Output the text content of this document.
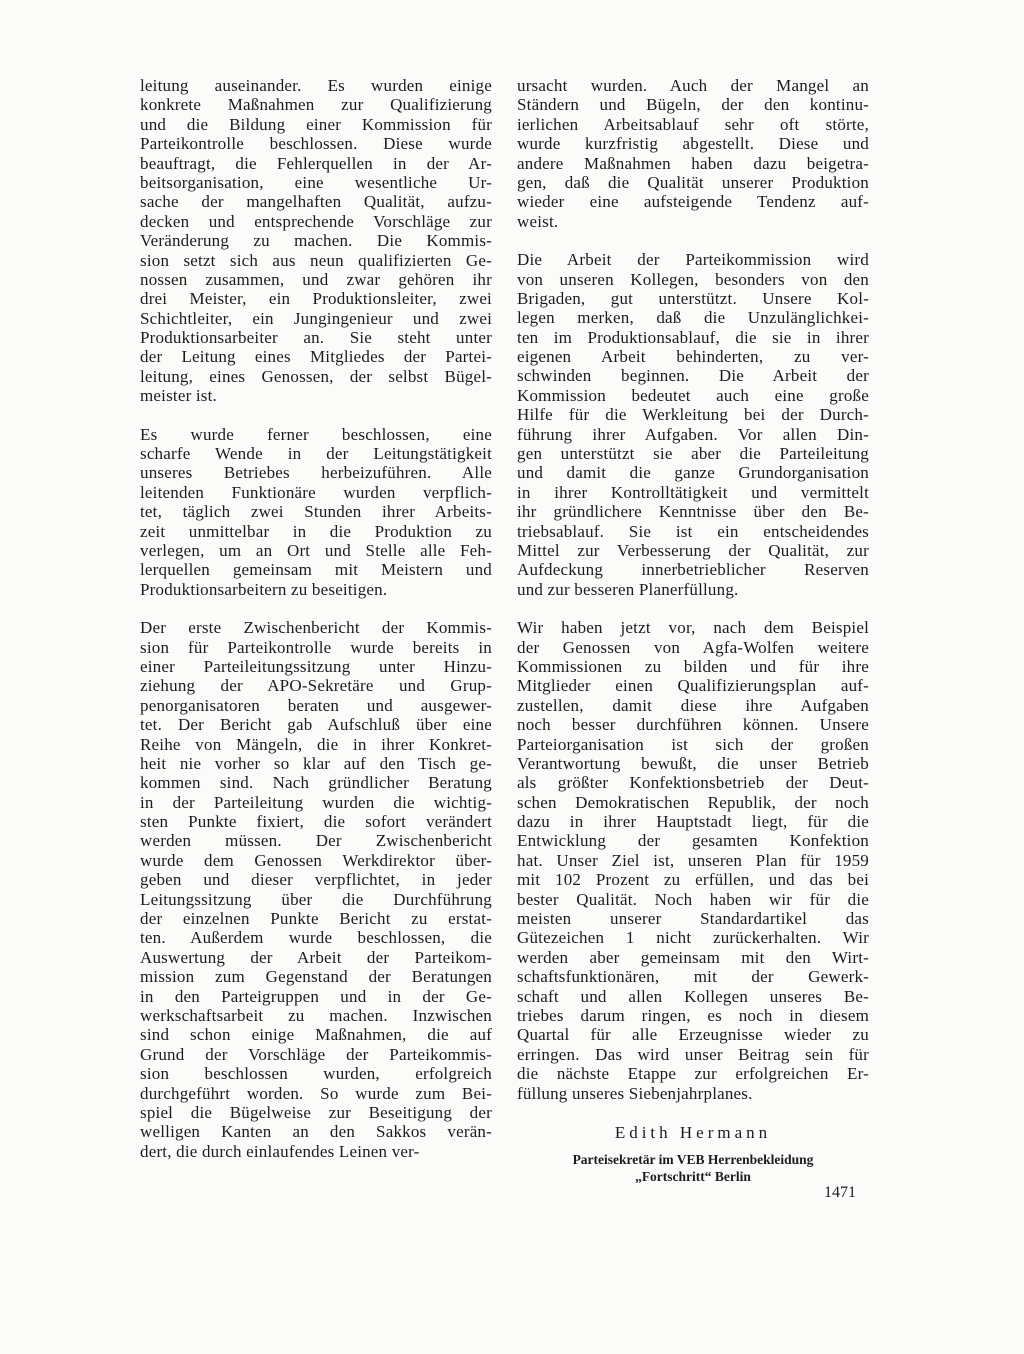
leitung auseinander. Es wurden einige
konkrete Maßnahmen zur Qualifizierung
und die Bildung einer Kommission für
Parteikontrolle beschlossen. Diese wurde
beauftragt, die Fehlerquellen in der Ar-
beitsorganisation, eine wesentliche Ur-
sache der mangelhaften Qualität, aufzu-
decken und entsprechende Vorschläge zur
Veränderung zu machen. Die Kommis-
sion setzt sich aus neun qualifizierten Ge-
nossen zusammen, und zwar gehören ihr
drei Meister, ein Produktionsleiter, zwei
Schichtleiter, ein Jungingenieur und zwei
Produktionsarbeiter an. Sie steht unter
der Leitung eines Mitgliedes der Partei-
leitung, eines Genossen, der selbst Bügel-
meister ist.
Es wurde ferner beschlossen, eine
scharfe Wende in der Leitungstätigkeit
unseres Betriebes herbeizuführen. Alle
leitenden Funktionäre wurden verpflich-
tet, täglich zwei Stunden ihrer Arbeits-
zeit unmittelbar in die Produktion zu
verlegen, um an Ort und Stelle alle Feh-
lerquellen gemeinsam mit Meistern und
Produktionsarbeitern zu beseitigen.
Der erste Zwischenbericht der Kommis-
sion für Parteikontrolle wurde bereits in
einer Parteileitungssitzung unter Hinzu-
ziehung der APO-Sekretäre und Grup-
penorganisatoren beraten und ausgewer-
tet. Der Bericht gab Aufschluß über eine
Reihe von Mängeln, die in ihrer Konkret-
heit nie vorher so klar auf den Tisch ge-
kommen sind. Nach gründlicher Beratung
in der Parteileitung wurden die wichtig-
sten Punkte fixiert, die sofort verändert
werden müssen. Der Zwischenbericht
wurde dem Genossen Werkdirektor über-
geben und dieser verpflichtet, in jeder
Leitungssitzung über die Durchführung
der einzelnen Punkte Bericht zu erstat-
ten. Außerdem wurde beschlossen, die
Auswertung der Arbeit der Parteikom-
mission zum Gegenstand der Beratungen
in den Parteigruppen und in der Ge-
werkschaftsarbeit zu machen. Inzwischen
sind schon einige Maßnahmen, die auf
Grund der Vorschläge der Parteikommis-
sion beschlossen wurden, erfolgreich
durchgeführt worden. So wurde zum Bei-
spiel die Bügelweise zur Beseitigung der
welligen Kanten an den Sakkos verän-
dert, die durch einlaufendes Leinen ver-
ursacht wurden. Auch der Mangel an
Ständern und Bügeln, der den kontinu-
ierlichen Arbeitsablauf sehr oft störte,
wurde kurzfristig abgestellt. Diese und
andere Maßnahmen haben dazu beigetra-
gen, daß die Qualität unserer Produktion
wieder eine aufsteigende Tendenz auf-
weist.
Die Arbeit der Parteikommission wird
von unseren Kollegen, besonders von den
Brigaden, gut unterstützt. Unsere Kol-
legen merken, daß die Unzulänglichkei-
ten im Produktionsablauf, die sie in ihrer
eigenen Arbeit behinderten, zu ver-
schwinden beginnen. Die Arbeit der
Kommission bedeutet auch eine große
Hilfe für die Werkleitung bei der Durch-
führung ihrer Aufgaben. Vor allen Din-
gen unterstützt sie aber die Parteileitung
und damit die ganze Grundorganisation
in ihrer Kontrolltätigkeit und vermittelt
ihr gründlichere Kenntnisse über den Be-
triebsablauf. Sie ist ein entscheidendes
Mittel zur Verbesserung der Qualität, zur
Aufdeckung innerbetrieblicher Reserven
und zur besseren Planerfüllung.
Wir haben jetzt vor, nach dem Beispiel
der Genossen von Agfa-Wolfen weitere
Kommissionen zu bilden und für ihre
Mitglieder einen Qualifizierungsplan auf-
zustellen, damit diese ihre Aufgaben
noch besser durchführen können. Unsere
Parteiorganisation ist sich der großen
Verantwortung bewußt, die unser Betrieb
als größter Konfektionsbetrieb der Deut-
schen Demokratischen Republik, der noch
dazu in ihrer Hauptstadt liegt, für die
Entwicklung der gesamten Konfektion
hat. Unser Ziel ist, unseren Plan für 1959
mit 102 Prozent zu erfüllen, und das bei
bester Qualität. Noch haben wir für die
meisten unserer Standardartikel das
Gütezeichen 1 nicht zurückerhalten. Wir
werden aber gemeinsam mit den Wirt-
schaftsfunktionären, mit der Gewerk-
schaft und allen Kollegen unseres Be-
triebes darum ringen, es noch in diesem
Quartal für alle Erzeugnisse wieder zu
erringen. Das wird unser Beitrag sein für
die nächste Etappe zur erfolgreichen Er-
füllung unseres Siebenjahrplanes.
Edith Hermann
Parteisekretär im VEB Herrenbekleidung
„Fortschritt“ Berlin
1471
